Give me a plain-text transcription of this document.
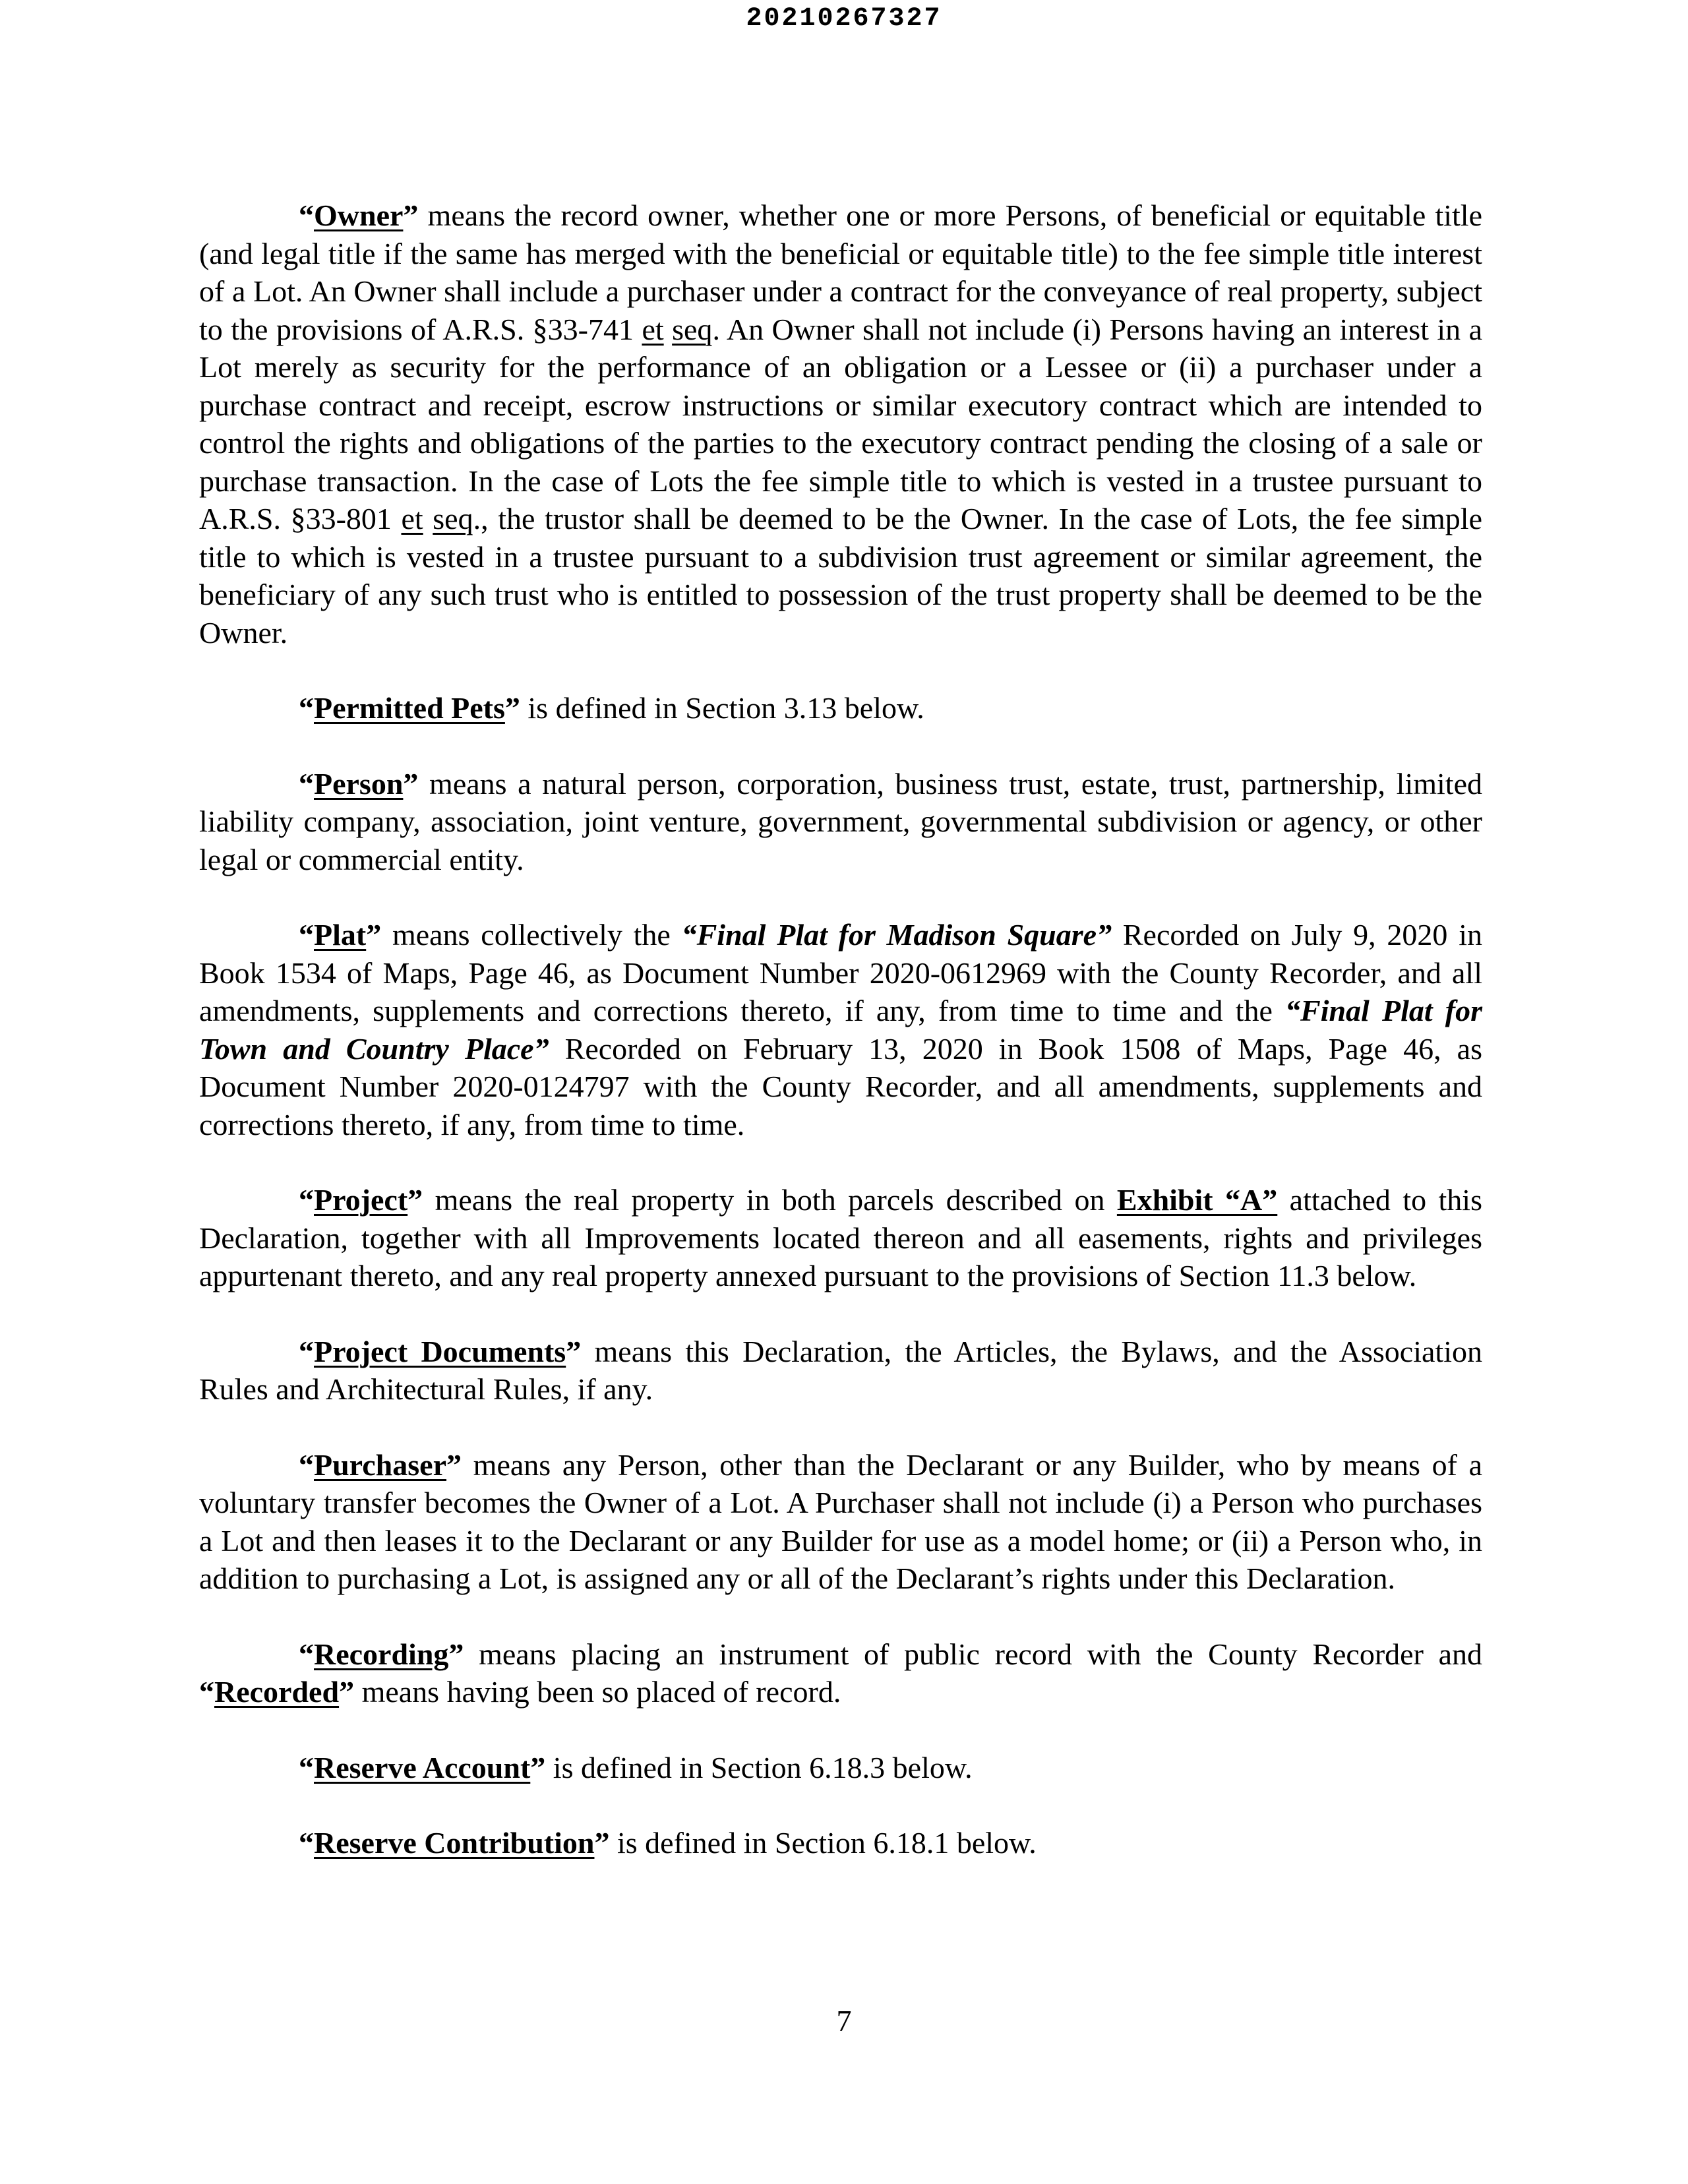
20210267327

“Owner” means the record owner, whether one or more Persons, of beneficial or equitable title (and legal title if the same has merged with the beneficial or equitable title) to the fee simple title interest of a Lot. An Owner shall include a purchaser under a contract for the conveyance of real property, subject to the provisions of A.R.S. §33-741 et seq. An Owner shall not include (i) Persons having an interest in a Lot merely as security for the performance of an obligation or a Lessee or (ii) a purchaser under a purchase contract and receipt, escrow instructions or similar executory contract which are intended to control the rights and obligations of the parties to the executory contract pending the closing of a sale or purchase transaction. In the case of Lots the fee simple title to which is vested in a trustee pursuant to A.R.S. §33-801 et seq., the trustor shall be deemed to be the Owner. In the case of Lots, the fee simple title to which is vested in a trustee pursuant to a subdivision trust agreement or similar agreement, the beneficiary of any such trust who is entitled to possession of the trust property shall be deemed to be the Owner.

“Permitted Pets” is defined in Section 3.13 below.

“Person” means a natural person, corporation, business trust, estate, trust, partnership, limited liability company, association, joint venture, government, governmental subdivision or agency, or other legal or commercial entity.

“Plat” means collectively the “Final Plat for Madison Square” Recorded on July 9, 2020 in Book 1534 of Maps, Page 46, as Document Number 2020-0612969 with the County Recorder, and all amendments, supplements and corrections thereto, if any, from time to time and the “Final Plat for Town and Country Place” Recorded on February 13, 2020 in Book 1508 of Maps, Page 46, as Document Number 2020-0124797 with the County Recorder, and all amendments, supplements and corrections thereto, if any, from time to time.

“Project” means the real property in both parcels described on Exhibit “A” attached to this Declaration, together with all Improvements located thereon and all easements, rights and privileges appurtenant thereto, and any real property annexed pursuant to the provisions of Section 11.3 below.

“Project Documents” means this Declaration, the Articles, the Bylaws, and the Association Rules and Architectural Rules, if any.

“Purchaser” means any Person, other than the Declarant or any Builder, who by means of a voluntary transfer becomes the Owner of a Lot. A Purchaser shall not include (i) a Person who purchases a Lot and then leases it to the Declarant or any Builder for use as a model home; or (ii) a Person who, in addition to purchasing a Lot, is assigned any or all of the Declarant’s rights under this Declaration.

“Recording” means placing an instrument of public record with the County Recorder and “Recorded” means having been so placed of record.

“Reserve Account” is defined in Section 6.18.3 below.

“Reserve Contribution” is defined in Section 6.18.1 below.

7
